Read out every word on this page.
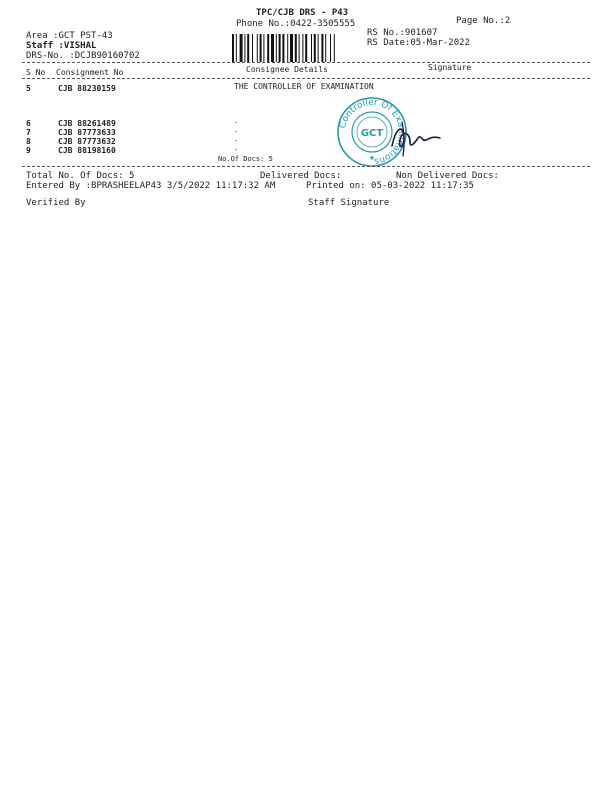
TPC/CJB DRS - P43
Phone No.:0422-3505555	Page No.:2
Area :GCT PST-43
Staff :VISHAL
DRS-No. :DCJB90160702
RS No.:901607
RS Date:05-Mar-2022
S No Consignment No	Consignee Details	Signature
5	CJB 88230159	THE CONTROLLER OF EXAMINATION
6	CJB 88261489	-
7	CJB 87773633	-
8	CJB 87773632	-
9	CJB 88198160	-
No.Of Docs: 5
Controller Of Examinations
GCT
★
Total No. Of Docs: 5	Delivered Docs:	Non Delivered Docs:
Entered By :BPRASHEELAP43 3/5/2022 11:17:32 AM	Printed on: 05-03-2022 11:17:35
Verified By	Staff Signature
